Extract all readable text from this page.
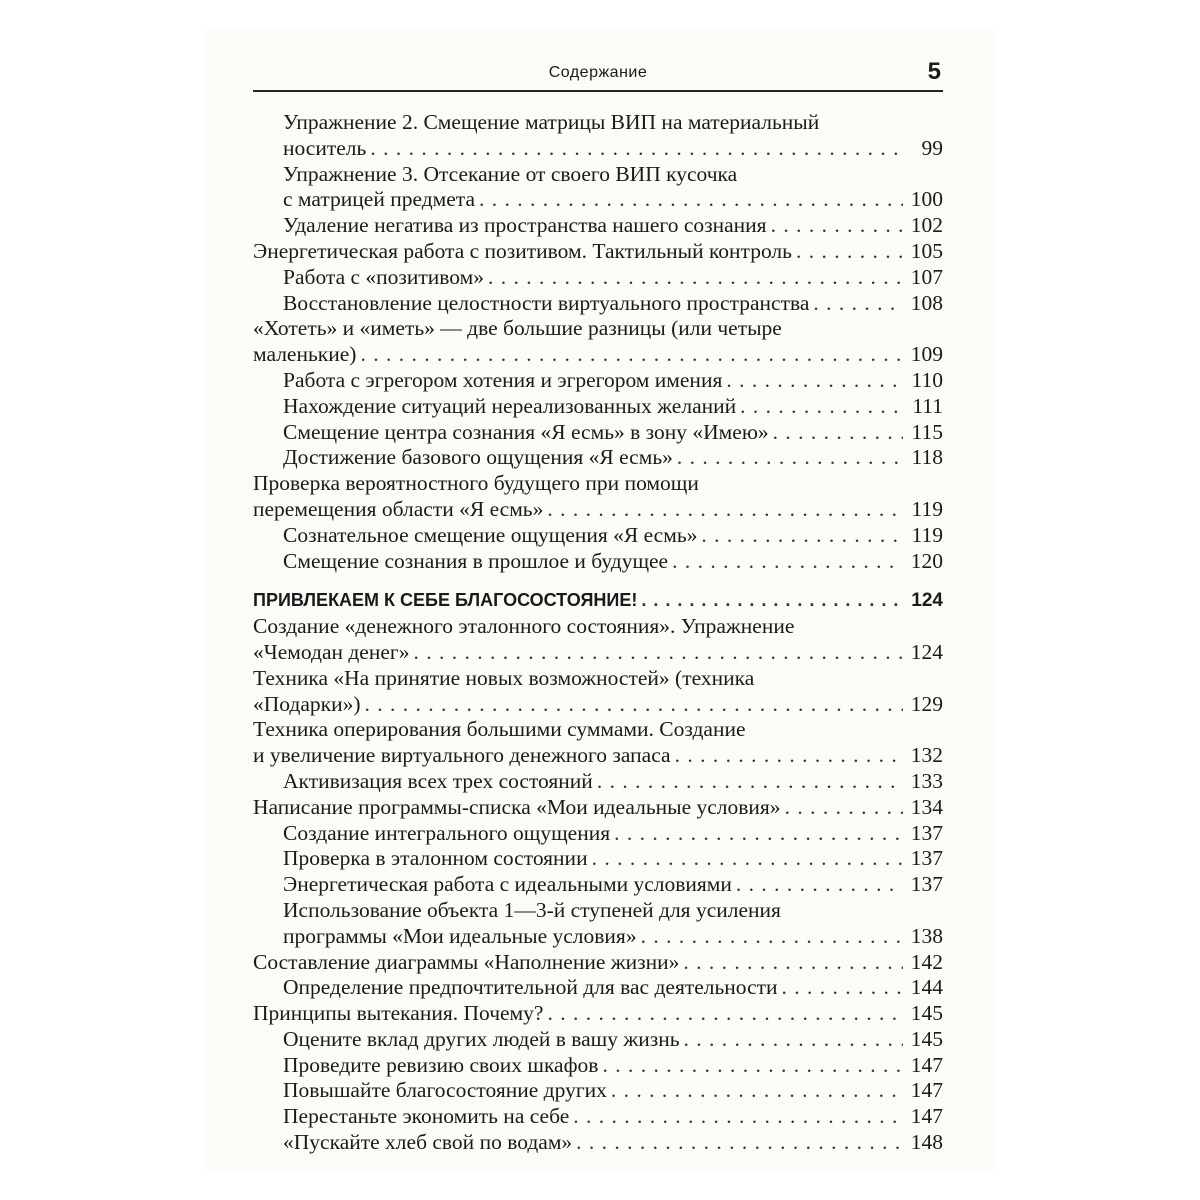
Содержание	5
Упражнение 2. Смещение матрицы ВИП на материальный
носитель . . .	99
Упражнение 3. Отсекание от своего ВИП кусочка
с матрицей предмета . . .	100
Удаление негатива из пространства нашего сознания . . .	102
Энергетическая работа с позитивом. Тактильный контроль . . .	105
Работа с «позитивом» . . .	107
Восстановление целостности виртуального пространства . . .	108
«Хотеть» и «иметь» — две большие разницы (или четыре
маленькие) . . .	109
Работа с эгрегором хотения и эгрегором имения . . .	110
Нахождение ситуаций нереализованных желаний . . .	111
Смещение центра сознания «Я есмь» в зону «Имею» . . .	115
Достижение базового ощущения «Я есмь» . . .	118
Проверка вероятностного будущего при помощи
перемещения области «Я есмь» . . .	119
Сознательное смещение ощущения «Я есмь» . . .	119
Смещение сознания в прошлое и будущее . . .	120
ПРИВЛЕКАЕМ К СЕБЕ БЛАГОСОСТОЯНИЕ! . . .	124
Создание «денежного эталонного состояния». Упражнение
«Чемодан денег» . . .	124
Техника «На принятие новых возможностей» (техника
«Подарки») . . .	129
Техника оперирования большими суммами. Создание
и увеличение виртуального денежного запаса . . .	132
Активизация всех трех состояний . . .	133
Написание программы-списка «Мои идеальные условия» . . .	134
Создание интегрального ощущения . . .	137
Проверка в эталонном состоянии . . .	137
Энергетическая работа с идеальными условиями . . .	137
Использование объекта 1—3-й ступеней для усиления
программы «Мои идеальные условия» . . .	138
Составление диаграммы «Наполнение жизни» . . .	142
Определение предпочтительной для вас деятельности . . .	144
Принципы вытекания. Почему? . . .	145
Оцените вклад других людей в вашу жизнь . . .	145
Проведите ревизию своих шкафов . . .	147
Повышайте благосостояние других . . .	147
Перестаньте экономить на себе . . .	147
«Пускайте хлеб свой по водам» . . .	148
